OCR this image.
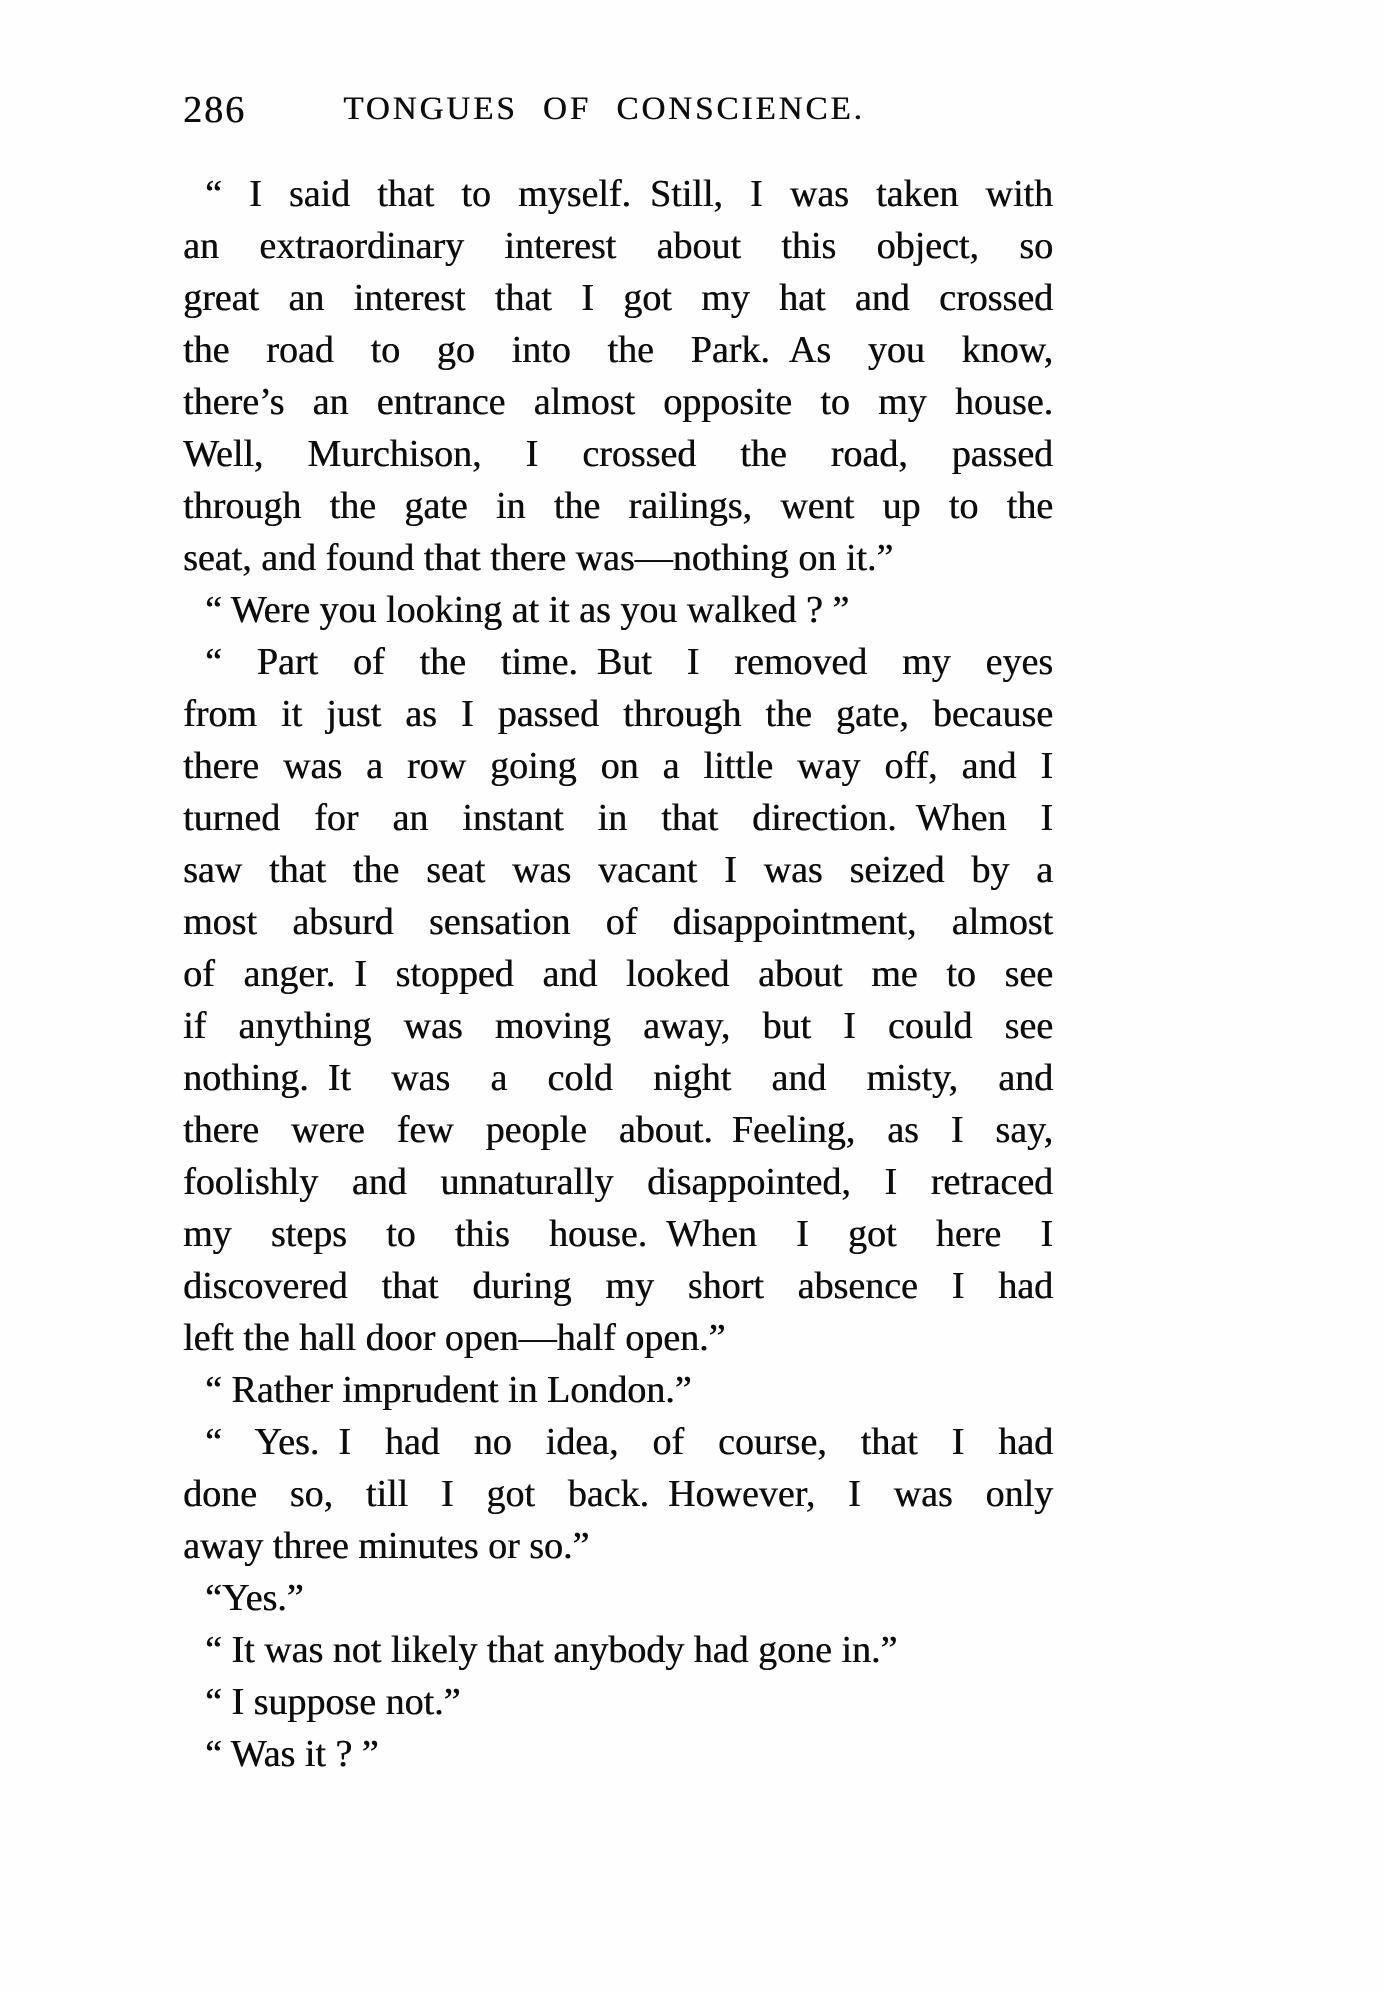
286	TONGUES OF CONSCIENCE.
“ I said that to myself. Still, I was taken with
an extraordinary interest about this object, so
great an interest that I got my hat and crossed
the road to go into the Park. As you know,
there’s an entrance almost opposite to my house.
Well, Murchison, I crossed the road, passed
through the gate in the railings, went up to the
seat, and found that there was—nothing on it.”
“ Were you looking at it as you walked ? ”
“ Part of the time. But I removed my eyes
from it just as I passed through the gate, because
there was a row going on a little way off, and I
turned for an instant in that direction. When I
saw that the seat was vacant I was seized by a
most absurd sensation of disappointment, almost
of anger. I stopped and looked about me to see
if anything was moving away, but I could see
nothing. It was a cold night and misty, and
there were few people about. Feeling, as I say,
foolishly and unnaturally disappointed, I retraced
my steps to this house. When I got here I
discovered that during my short absence I had
left the hall door open—half open.”
“ Rather imprudent in London.”
“ Yes. I had no idea, of course, that I had
done so, till I got back. However, I was only
away three minutes or so.”
“Yes.”
“ It was not likely that anybody had gone in.”
“ I suppose not.”
“ Was it ? ”
